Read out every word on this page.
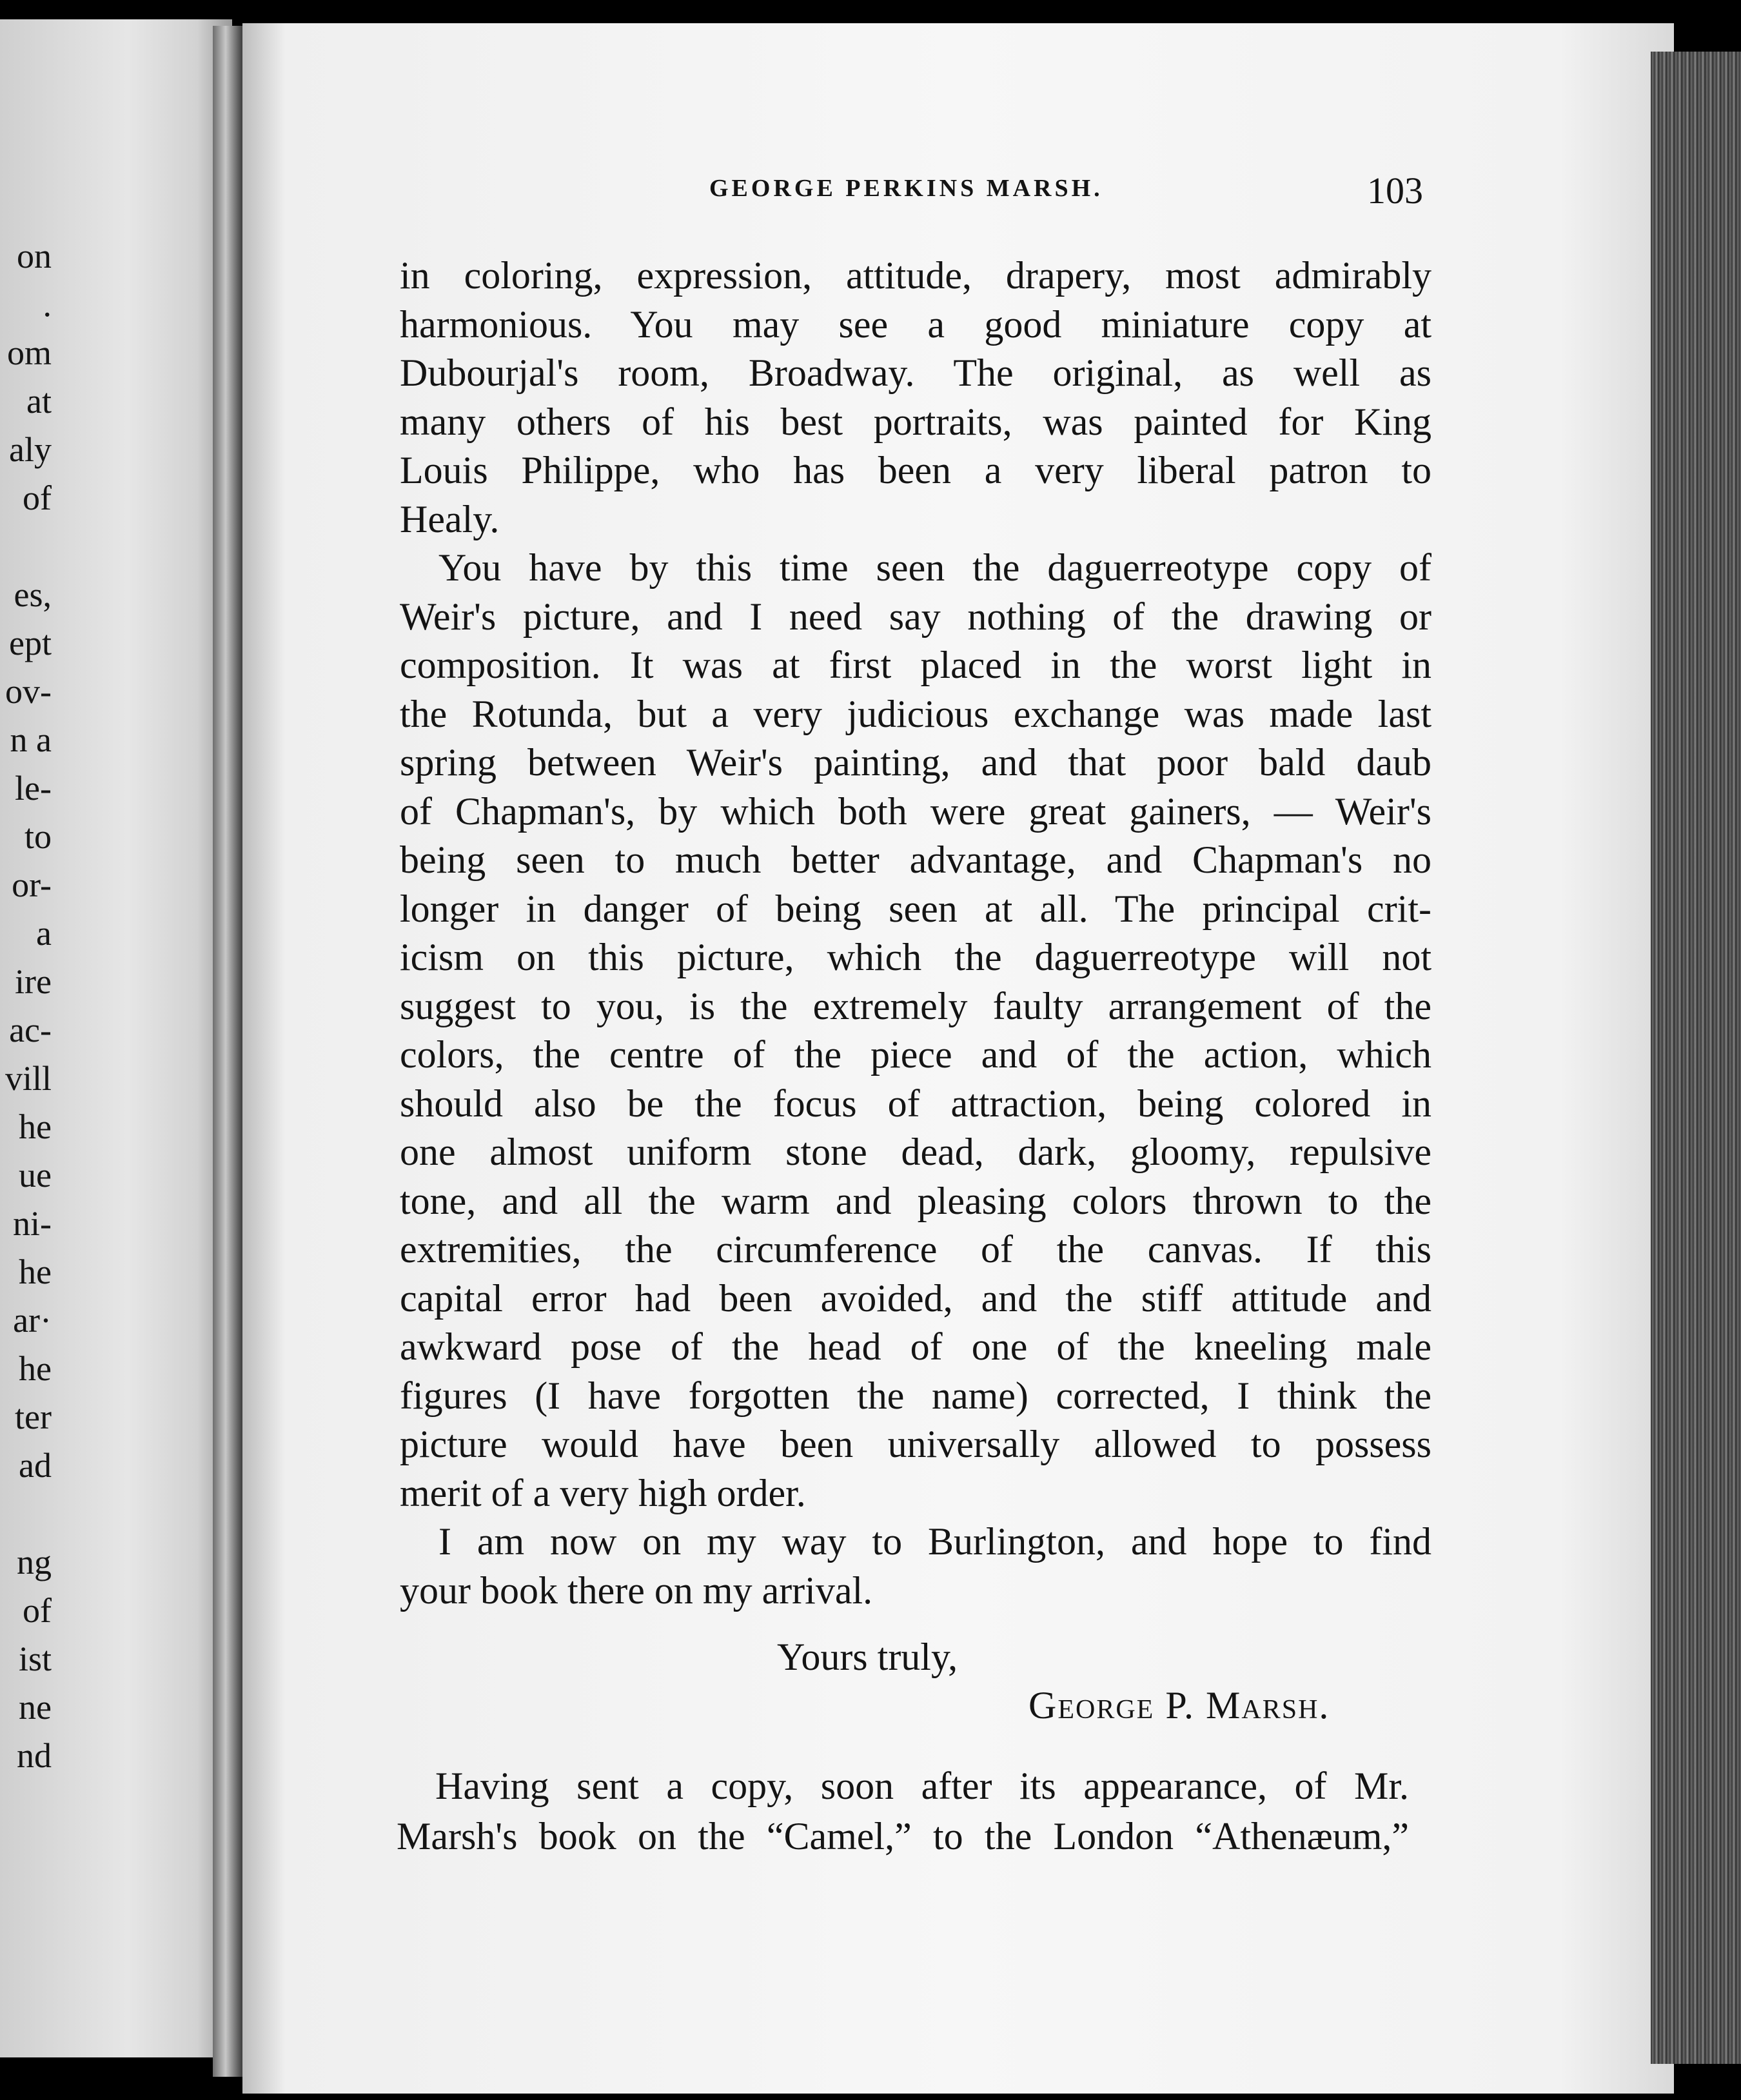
on
.
om
at
aly
of
es,
ept
ov-
n a
le-
to
or-
a
ire
ac-
vill
he
ue
ni-
he
ar·
he
ter
ad
ng
of
ist
ne
nd
GEORGE PERKINS MARSH.	103
in coloring, expression, attitude, drapery, most admirably
harmonious. You may see a good miniature copy at
Dubourjal's room, Broadway. The original, as well as
many others of his best portraits, was painted for King
Louis Philippe, who has been a very liberal patron to
Healy.
You have by this time seen the daguerreotype copy of
Weir's picture, and I need say nothing of the drawing or
composition. It was at first placed in the worst light in
the Rotunda, but a very judicious exchange was made last
spring between Weir's painting, and that poor bald daub
of Chapman's, by which both were great gainers, — Weir's
being seen to much better advantage, and Chapman's no
longer in danger of being seen at all. The principal crit-
icism on this picture, which the daguerreotype will not
suggest to you, is the extremely faulty arrangement of the
colors, the centre of the piece and of the action, which
should also be the focus of attraction, being colored in
one almost uniform stone dead, dark, gloomy, repulsive
tone, and all the warm and pleasing colors thrown to the
extremities, the circumference of the canvas. If this
capital error had been avoided, and the stiff attitude and
awkward pose of the head of one of the kneeling male
figures (I have forgotten the name) corrected, I think the
picture would have been universally allowed to possess
merit of a very high order.
I am now on my way to Burlington, and hope to find
your book there on my arrival.
Yours truly,
George P. Marsh.
Having sent a copy, soon after its appearance, of Mr.
Marsh's book on the “Camel,” to the London “Athenæum,”
